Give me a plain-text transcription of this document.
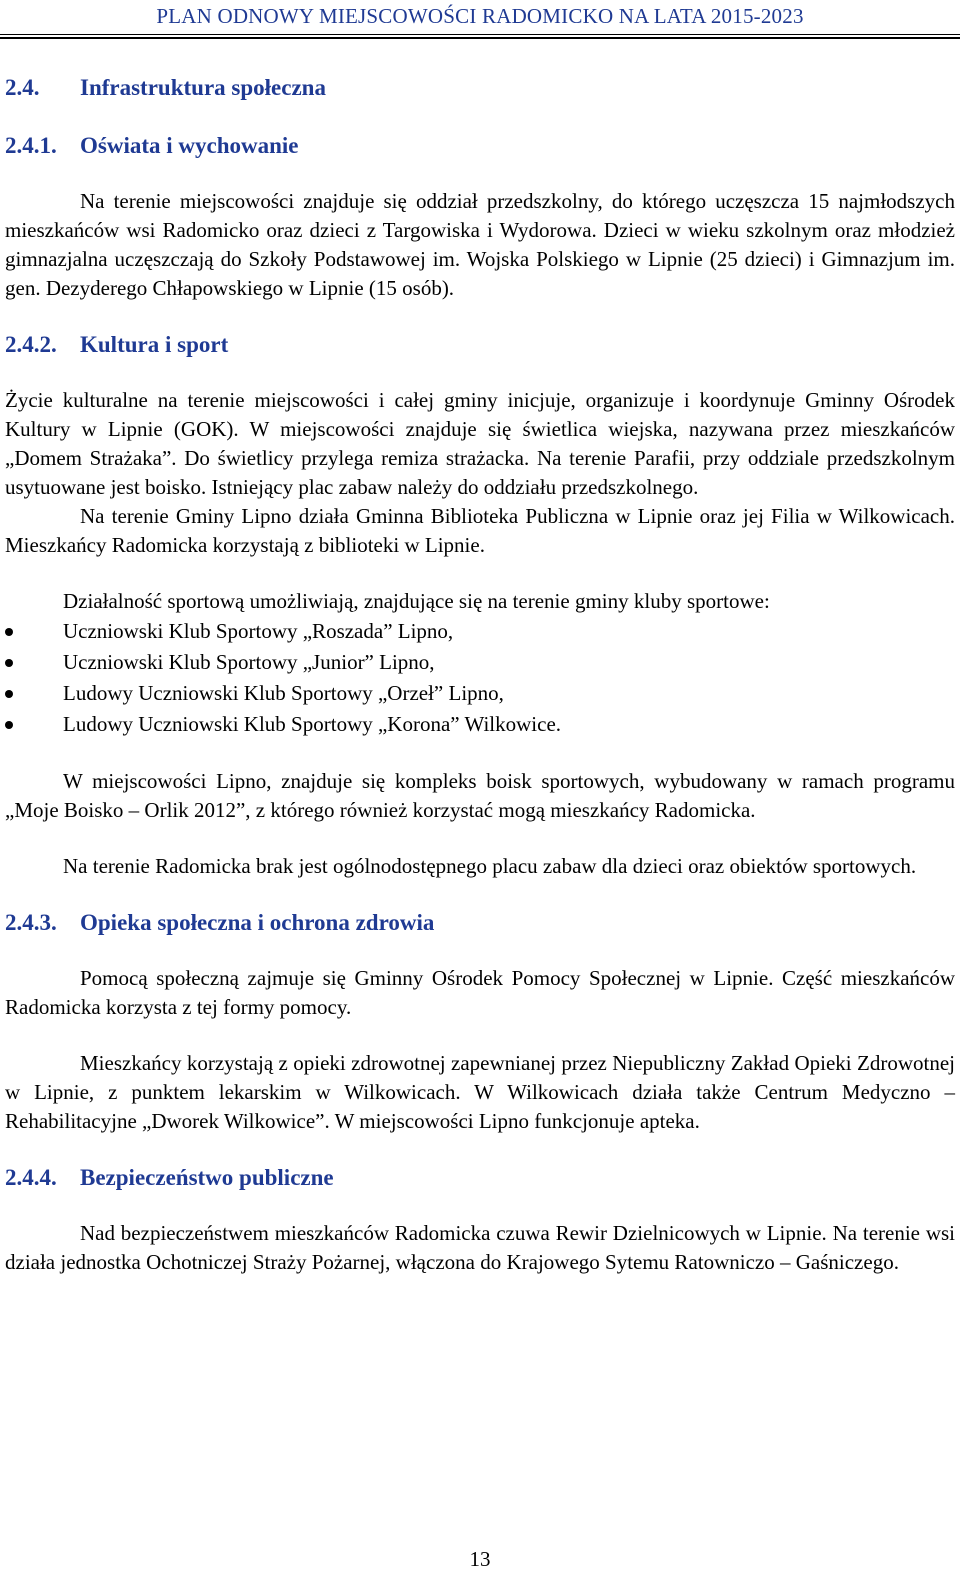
PLAN ODNOWY MIEJSCOWOŚCI RADOMICKO NA LATA 2015-2023
2.4. Infrastruktura społeczna
2.4.1. Oświata i wychowanie

Na terenie miejscowości znajduje się oddział przedszkolny, do którego uczęszcza 15 najmłodszych mieszkańców wsi Radomicko oraz dzieci z Targowiska i Wydorowa. Dzieci w wieku szkolnym oraz młodzież gimnazjalna uczęszczają do Szkoły Podstawowej im. Wojska Polskiego w Lipnie (25 dzieci) i Gimnazjum im. gen. Dezyderego Chłapowskiego w Lipnie (15 osób).

2.4.2. Kultura i sport

Życie kulturalne na terenie miejscowości i całej gminy inicjuje, organizuje i koordynuje Gminny Ośrodek Kultury w Lipnie (GOK). W miejscowości znajduje się świetlica wiejska, nazywana przez mieszkańców „Domem Strażaka”. Do świetlicy przylega remiza strażacka. Na terenie Parafii, przy oddziale przedszkolnym usytuowane jest boisko. Istniejący plac zabaw należy do oddziału przedszkolnego.

Na terenie Gminy Lipno działa Gminna Biblioteka Publiczna w Lipnie oraz jej Filia w Wilkowicach. Mieszkańcy Radomicka korzystają z biblioteki w Lipnie.

Działalność sportową umożliwiają, znajdujące się na terenie gminy kluby sportowe:

Uczniowski Klub Sportowy „Roszada” Lipno,
Uczniowski Klub Sportowy „Junior” Lipno,
Ludowy Uczniowski Klub Sportowy „Orzeł” Lipno,
Ludowy Uczniowski Klub Sportowy „Korona” Wilkowice.

W miejscowości Lipno, znajduje się kompleks boisk sportowych, wybudowany w ramach programu „Moje Boisko – Orlik 2012”, z którego również korzystać mogą mieszkańcy Radomicka.

Na terenie Radomicka brak jest ogólnodostępnego placu zabaw dla dzieci oraz obiektów sportowych.

2.4.3. Opieka społeczna i ochrona zdrowia

Pomocą społeczną zajmuje się Gminny Ośrodek Pomocy Społecznej w Lipnie. Część mieszkańców Radomicka korzysta z tej formy pomocy.

Mieszkańcy korzystają z opieki zdrowotnej zapewnianej przez Niepubliczny Zakład Opieki Zdrowotnej w Lipnie, z punktem lekarskim w Wilkowicach. W Wilkowicach działa także Centrum Medyczno – Rehabilitacyjne „Dworek Wilkowice”. W miejscowości Lipno funkcjonuje apteka.

2.4.4. Bezpieczeństwo publiczne

Nad bezpieczeństwem mieszkańców Radomicka czuwa Rewir Dzielnicowych w Lipnie. Na terenie wsi działa jednostka Ochotniczej Straży Pożarnej, włączona do Krajowego Sytemu Ratowniczo – Gaśniczego.

13
